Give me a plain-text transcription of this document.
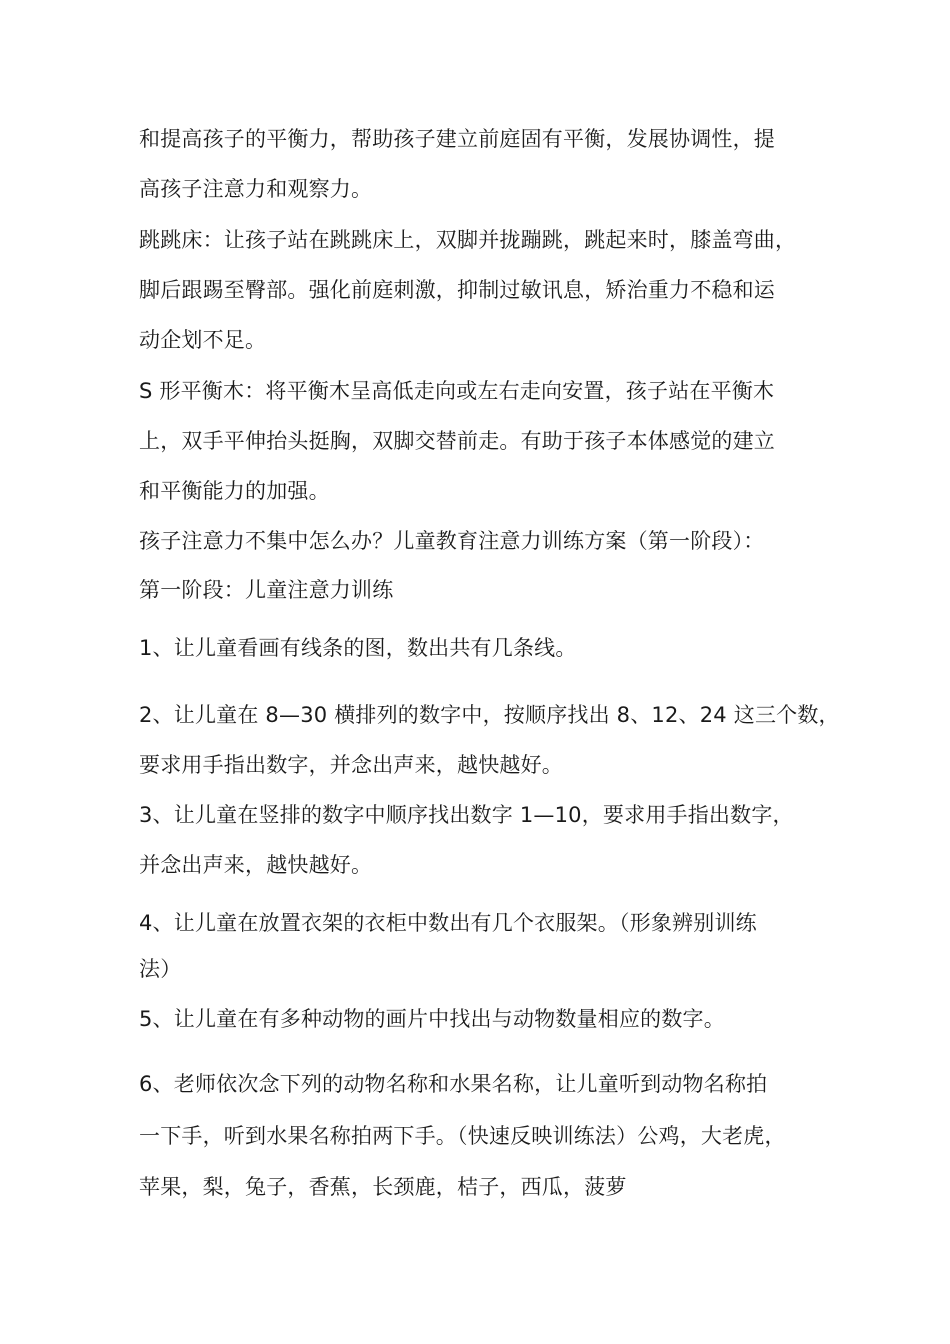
和提高孩子的平衡力，帮助孩子建立前庭固有平衡，发展协调性，提
高孩子注意力和观察力。
跳跳床：让孩子站在跳跳床上，双脚并拢蹦跳，跳起来时，膝盖弯曲，
脚后跟踢至臀部。强化前庭刺激，抑制过敏讯息，矫治重力不稳和运
动企划不足。
S 形平衡木：将平衡木呈高低走向或左右走向安置，孩子站在平衡木
上，双手平伸抬头挺胸，双脚交替前走。有助于孩子本体感觉的建立
和平衡能力的加强。
孩子注意力不集中怎么办？儿童教育注意力训练方案（第一阶段）：
第一阶段：儿童注意力训练
1、让儿童看画有线条的图，数出共有几条线。
2、让儿童在 8—30 横排列的数字中，按顺序找出 8、12、24 这三个数，
要求用手指出数字，并念出声来，越快越好。
3、让儿童在竖排的数字中顺序找出数字 1—10，要求用手指出数字，
并念出声来，越快越好。
4、让儿童在放置衣架的衣柜中数出有几个衣服架。（形象辨别训练
法）
5、让儿童在有多种动物的画片中找出与动物数量相应的数字。
6、老师依次念下列的动物名称和水果名称，让儿童听到动物名称拍
一下手，听到水果名称拍两下手。（快速反映训练法）公鸡，大老虎，
苹果，梨，兔子，香蕉，长颈鹿，桔子，西瓜，菠萝
